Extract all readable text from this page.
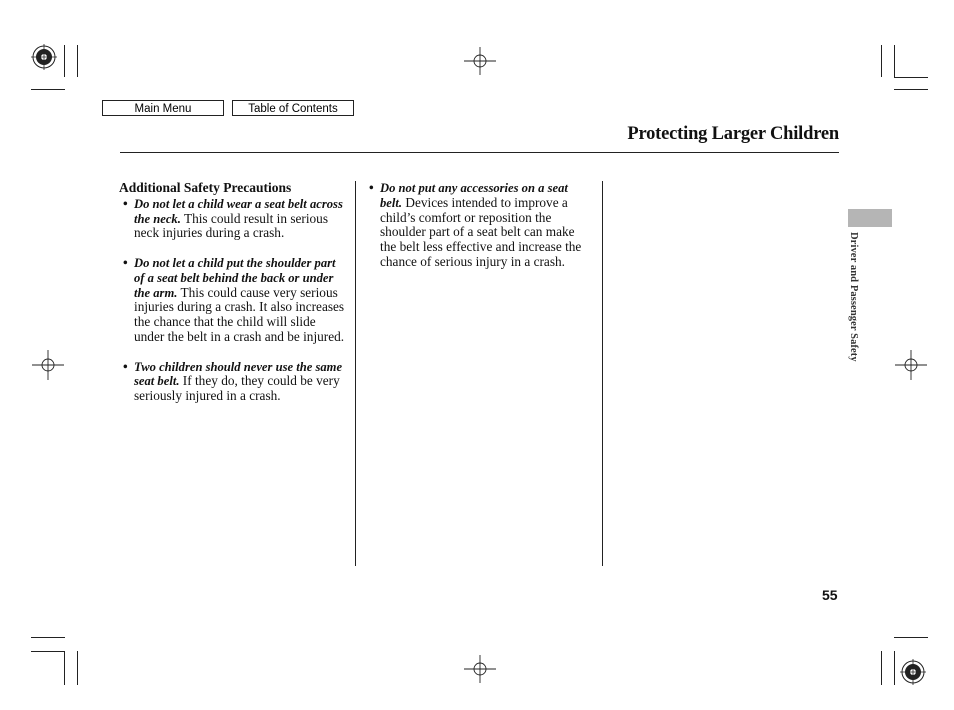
Main Menu	Table of Contents
Protecting Larger Children
Additional Safety Precautions
• Do not let a child wear a seat belt across the neck. This could result in serious neck injuries during a crash.
• Do not let a child put the shoulder part of a seat belt behind the back or under the arm. This could cause very serious injuries during a crash. It also increases the chance that the child will slide under the belt in a crash and be injured.
• Two children should never use the same seat belt. If they do, they could be very seriously injured in a crash.
• Do not put any accessories on a seat belt. Devices intended to improve a child’s comfort or reposition the shoulder part of a seat belt can make the belt less effective and increase the chance of serious injury in a crash.	Driver and Passenger Safety
55
